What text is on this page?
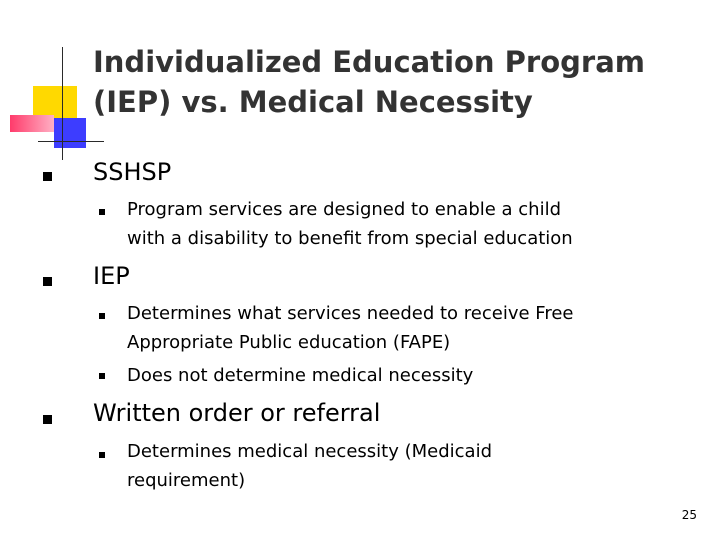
Individualized Education Program
(IEP) vs. Medical Necessity
SSHSP
Program services are designed to enable a child
with a disability to benefit from special education
IEP
Determines what services needed to receive Free
Appropriate Public education (FAPE)
Does not determine medical necessity
Written order or referral
Determines medical necessity (Medicaid
requirement)
25
